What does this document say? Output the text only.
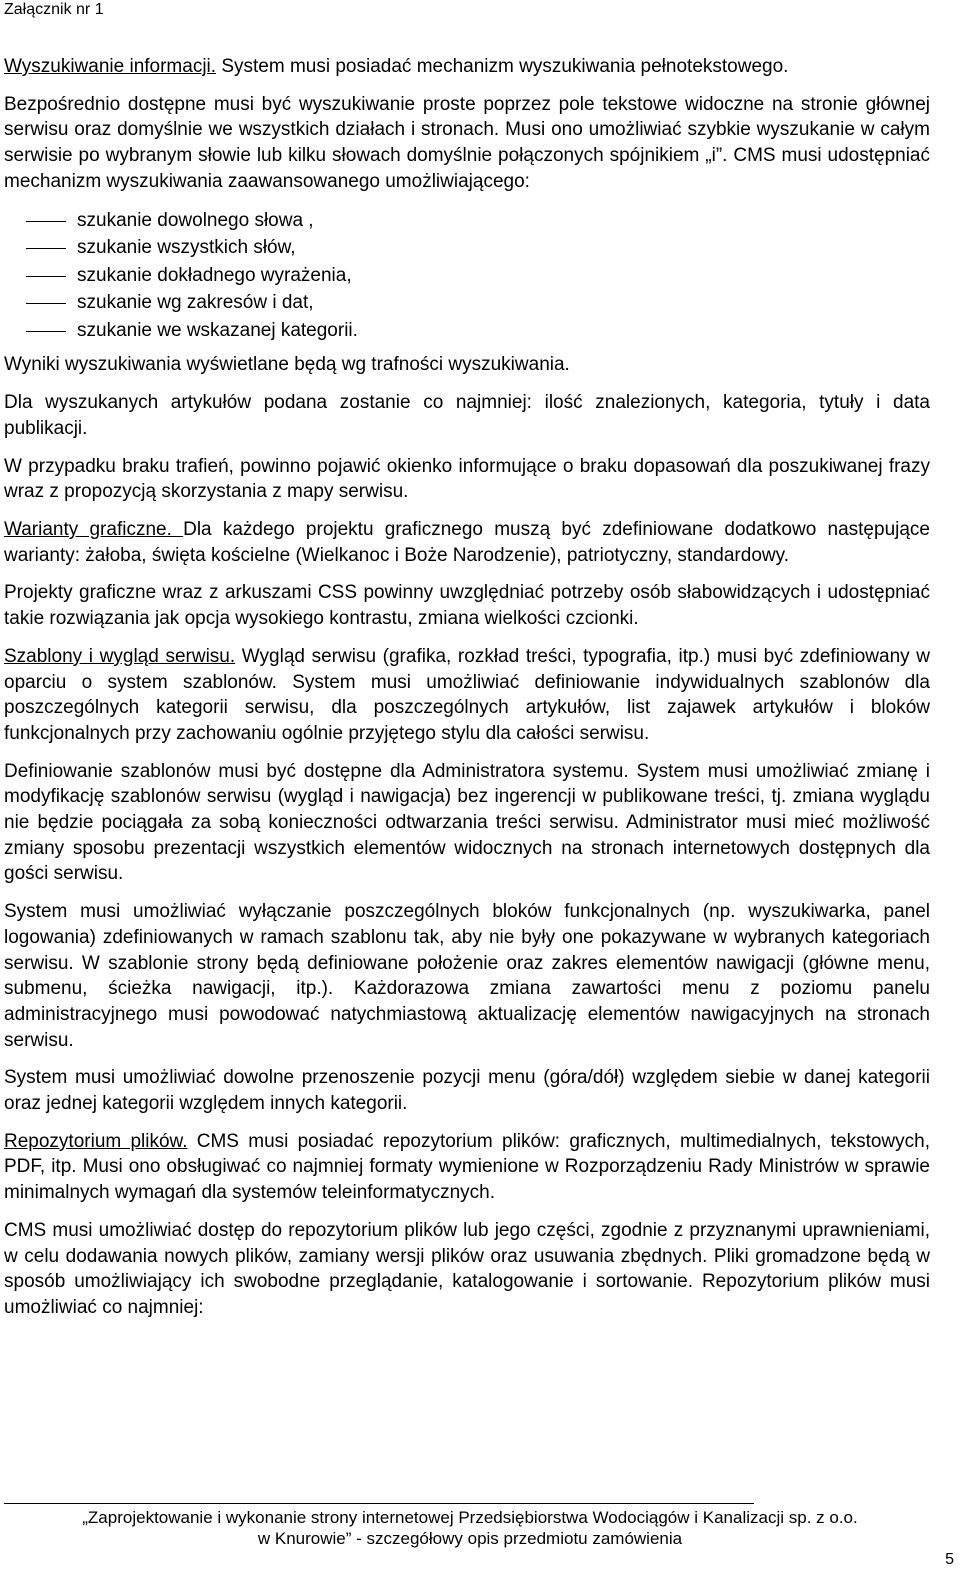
Załącznik nr 1

Wyszukiwanie informacji. System musi posiadać mechanizm wyszukiwania pełnotekstowego.

Bezpośrednio dostępne musi być wyszukiwanie proste poprzez pole tekstowe widoczne na stronie głównej serwisu oraz domyślnie we wszystkich działach i stronach. Musi ono umożliwiać szybkie wyszukanie w całym serwisie po wybranym słowie lub kilku słowach domyślnie połączonych spójnikiem „i”. CMS musi udostępniać mechanizm wyszukiwania zaawansowanego umożliwiającego:

szukanie dowolnego słowa ,
szukanie wszystkich słów,
szukanie dokładnego wyrażenia,
szukanie wg zakresów i dat,
szukanie we wskazanej kategorii.

Wyniki wyszukiwania wyświetlane będą wg trafności wyszukiwania.

Dla wyszukanych artykułów podana zostanie co najmniej: ilość znalezionych, kategoria, tytuły i data publikacji.

W przypadku braku trafień, powinno pojawić okienko informujące o braku dopasowań dla poszukiwanej frazy wraz z propozycją skorzystania z mapy serwisu.

Warianty graficzne. Dla każdego projektu graficznego muszą być zdefiniowane dodatkowo następujące warianty: żałoba, święta kościelne (Wielkanoc i Boże Narodzenie), patriotyczny, standardowy.

Projekty graficzne wraz z arkuszami CSS powinny uwzględniać potrzeby osób słabowidzących i udostępniać takie rozwiązania jak opcja wysokiego kontrastu, zmiana wielkości czcionki.

Szablony i wygląd serwisu. Wygląd serwisu (grafika, rozkład treści, typografia, itp.) musi być zdefiniowany w oparciu o system szablonów. System musi umożliwiać definiowanie indywidualnych szablonów dla poszczególnych kategorii serwisu, dla poszczególnych artykułów, list zajawek artykułów i bloków funkcjonalnych przy zachowaniu ogólnie przyjętego stylu dla całości serwisu.

Definiowanie szablonów musi być dostępne dla Administratora systemu. System musi umożliwiać zmianę i modyfikację szablonów serwisu (wygląd i nawigacja) bez ingerencji w publikowane treści, tj. zmiana wyglądu nie będzie pociągała za sobą konieczności odtwarzania treści serwisu. Administrator musi mieć możliwość zmiany sposobu prezentacji wszystkich elementów widocznych na stronach internetowych dostępnych dla gości serwisu.

System musi umożliwiać wyłączanie poszczególnych bloków funkcjonalnych (np. wyszukiwarka, panel logowania) zdefiniowanych w ramach szablonu tak, aby nie były one pokazywane w wybranych kategoriach serwisu. W szablonie strony będą definiowane położenie oraz zakres elementów nawigacji (główne menu, submenu, ścieżka nawigacji, itp.). Każdorazowa zmiana zawartości menu z poziomu panelu administracyjnego musi powodować natychmiastową aktualizację elementów nawigacyjnych na stronach serwisu.

System musi umożliwiać dowolne przenoszenie pozycji menu (góra/dół) względem siebie w danej kategorii oraz jednej kategorii względem innych kategorii.

Repozytorium plików. CMS musi posiadać repozytorium plików: graficznych, multimedialnych, tekstowych, PDF, itp. Musi ono obsługiwać co najmniej formaty wymienione w Rozporządzeniu Rady Ministrów w sprawie minimalnych wymagań dla systemów teleinformatycznych.

CMS musi umożliwiać dostęp do repozytorium plików lub jego części, zgodnie z przyznanymi uprawnieniami, w celu dodawania nowych plików, zamiany wersji plików oraz usuwania zbędnych. Pliki gromadzone będą w sposób umożliwiający ich swobodne przeglądanie, katalogowanie i sortowanie. Repozytorium plików musi umożliwiać co najmniej:

„Zaprojektowanie i wykonanie strony internetowej Przedsiębiorstwa Wodociągów i Kanalizacji sp. z o.o.
w Knurowie” - szczegółowy opis przedmiotu zamówienia
5
